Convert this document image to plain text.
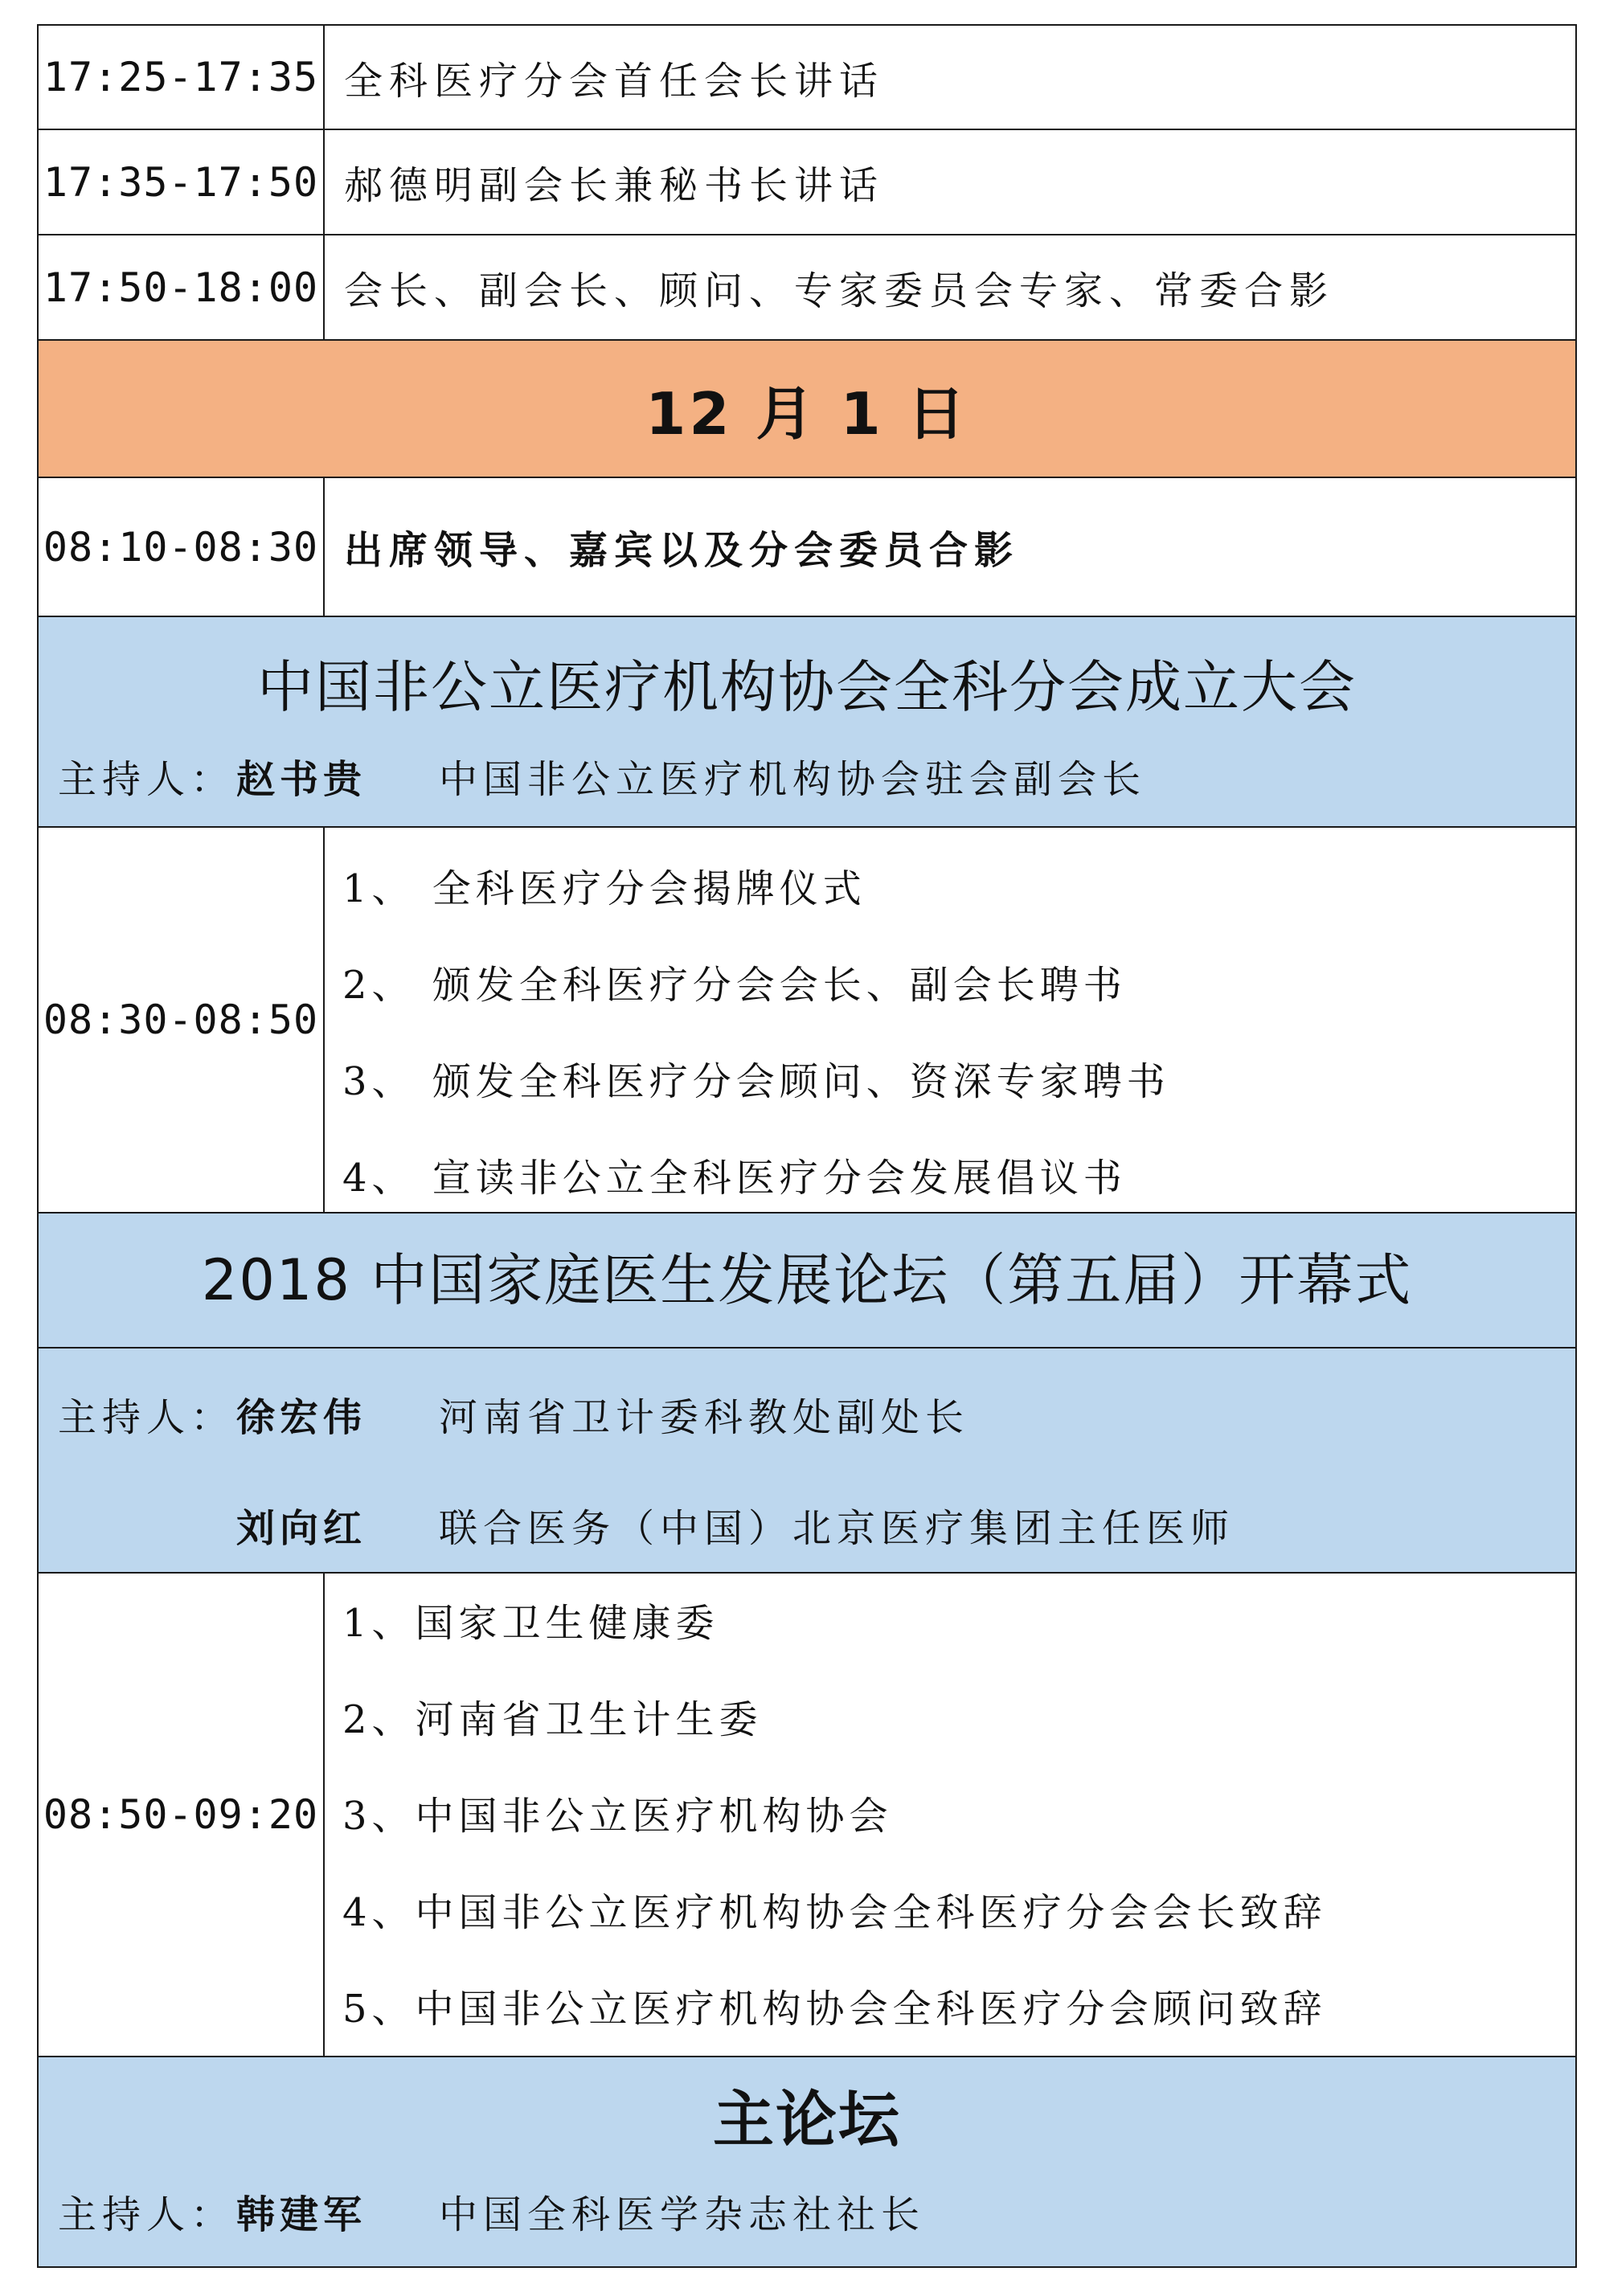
17:25-17:35	全科医疗分会首任会长讲话
17:35-17:50	郝德明副会长兼秘书长讲话
17:50-18:00	会长、副会长、顾问、专家委员会专家、常委合影
12 月 1 日	
08:10-08:30	出席领导、嘉宾以及分会委员合影

中国非公立医疗机构协会全科分会成立大会
主持人：赵书贵 中国非公立医疗机构协会驻会副会长	

08:30-08:50	1、 全科医疗分会揭牌仪式
2、 颁发全科医疗分会会长、副会长聘书
3、 颁发全科医疗分会顾问、资深专家聘书
4、 宣读非公立全科医疗分会发展倡议书

2018 中国家庭医生发展论坛（第五届）开幕式	

主持人：徐宏伟 河南省卫计委科教处副处长
刘向红 联合医务（中国）北京医疗集团主任医师	

08:50-09:20	1、国家卫生健康委
2、河南省卫生计生委
3、中国非公立医疗机构协会
4、中国非公立医疗机构协会全科医疗分会会长致辞
5、中国非公立医疗机构协会全科医疗分会顾问致辞

主论坛
主持人：韩建军 中国全科医学杂志社社长	
